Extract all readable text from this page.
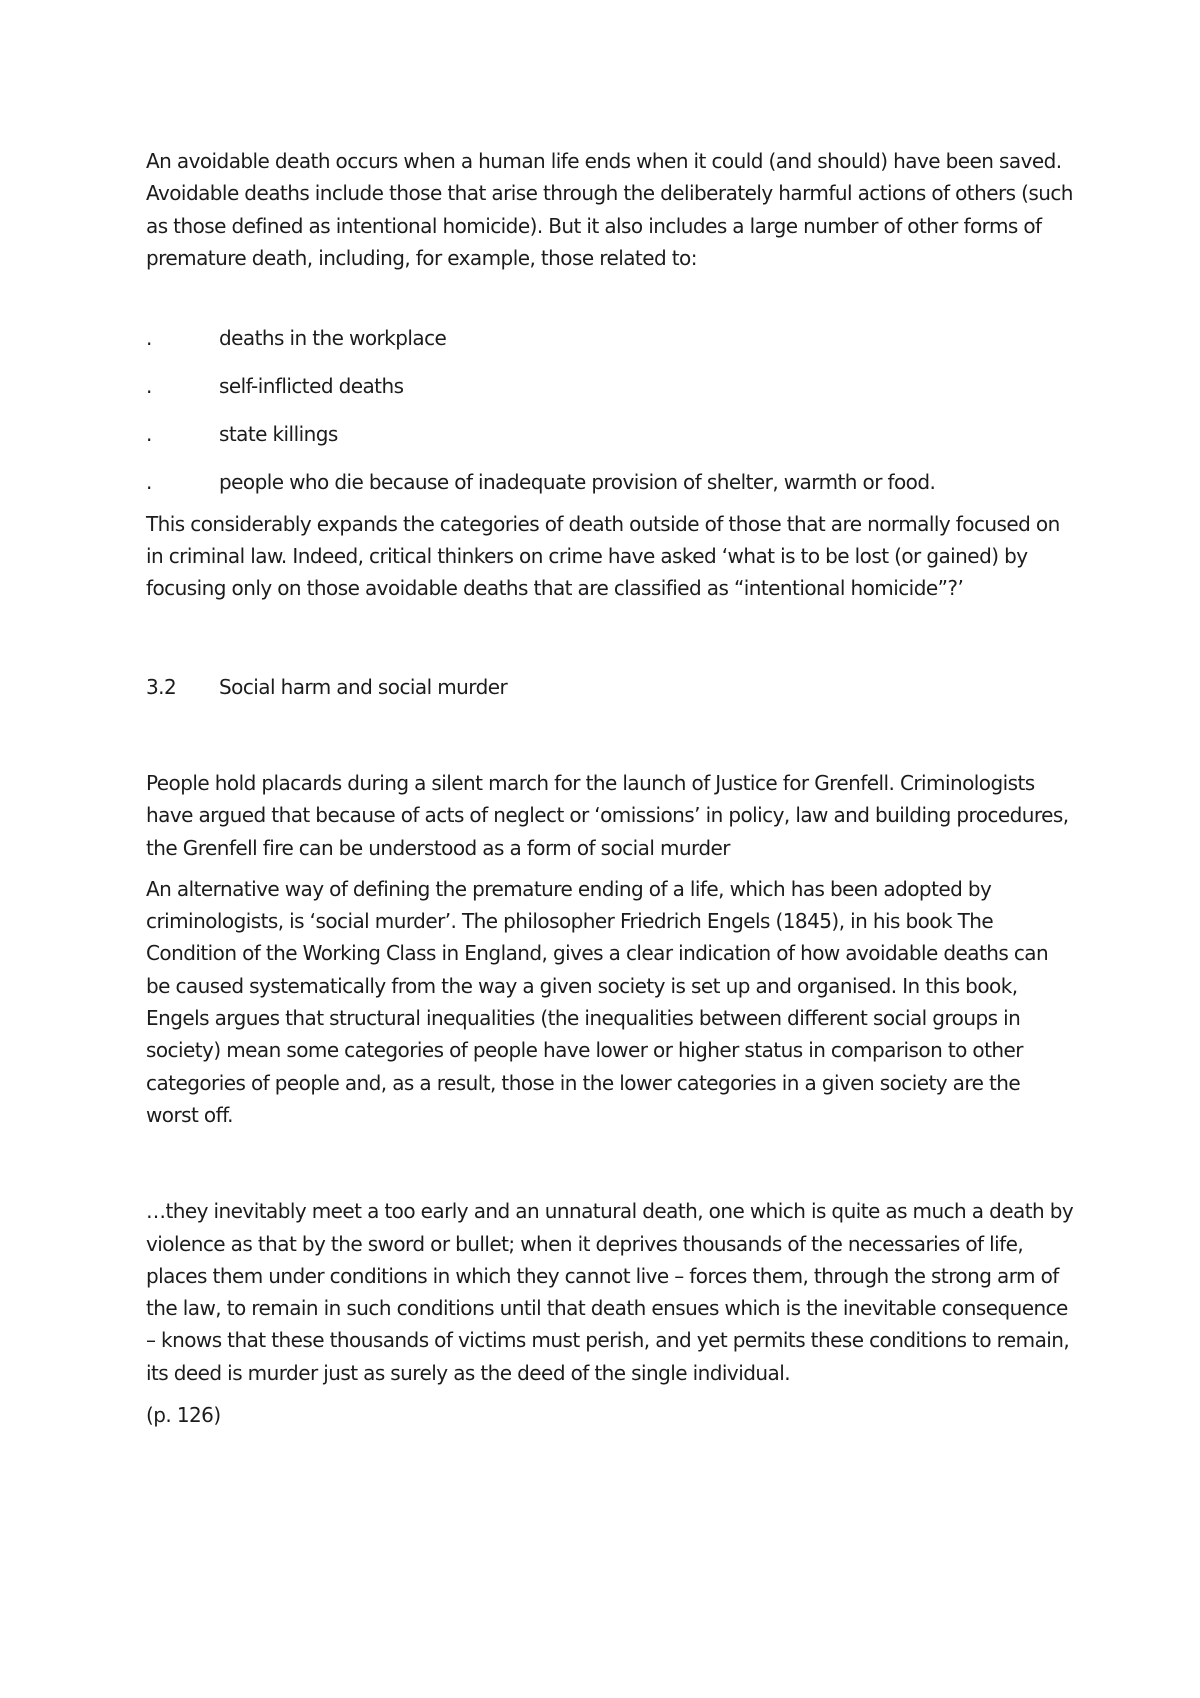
An avoidable death occurs when a human life ends when it could (and should) have been saved. Avoidable deaths include those that arise through the deliberately harmful actions of others (such as those defined as intentional homicide). But it also includes a large number of other forms of premature death, including, for example, those related to:

.	deaths in the workplace
.	self-inflicted deaths
.	state killings
.	people who die because of inadequate provision of shelter, warmth or food.

This considerably expands the categories of death outside of those that are normally focused on in criminal law. Indeed, critical thinkers on crime have asked ‘what is to be lost (or gained) by focusing only on those avoidable deaths that are classified as “intentional homicide”?’

3.2	Social harm and social murder

People hold placards during a silent march for the launch of Justice for Grenfell. Criminologists have argued that because of acts of neglect or ‘omissions’ in policy, law and building procedures, the Grenfell fire can be understood as a form of social murder

An alternative way of defining the premature ending of a life, which has been adopted by criminologists, is ‘social murder’. The philosopher Friedrich Engels (1845), in his book The Condition of the Working Class in England, gives a clear indication of how avoidable deaths can be caused systematically from the way a given society is set up and organised. In this book, Engels argues that structural inequalities (the inequalities between different social groups in society) mean some categories of people have lower or higher status in comparison to other categories of people and, as a result, those in the lower categories in a given society are the worst off.

…they inevitably meet a too early and an unnatural death, one which is quite as much a death by violence as that by the sword or bullet; when it deprives thousands of the necessaries of life, places them under conditions in which they cannot live – forces them, through the strong arm of the law, to remain in such conditions until that death ensues which is the inevitable consequence – knows that these thousands of victims must perish, and yet permits these conditions to remain, its deed is murder just as surely as the deed of the single individual.

(p. 126)
